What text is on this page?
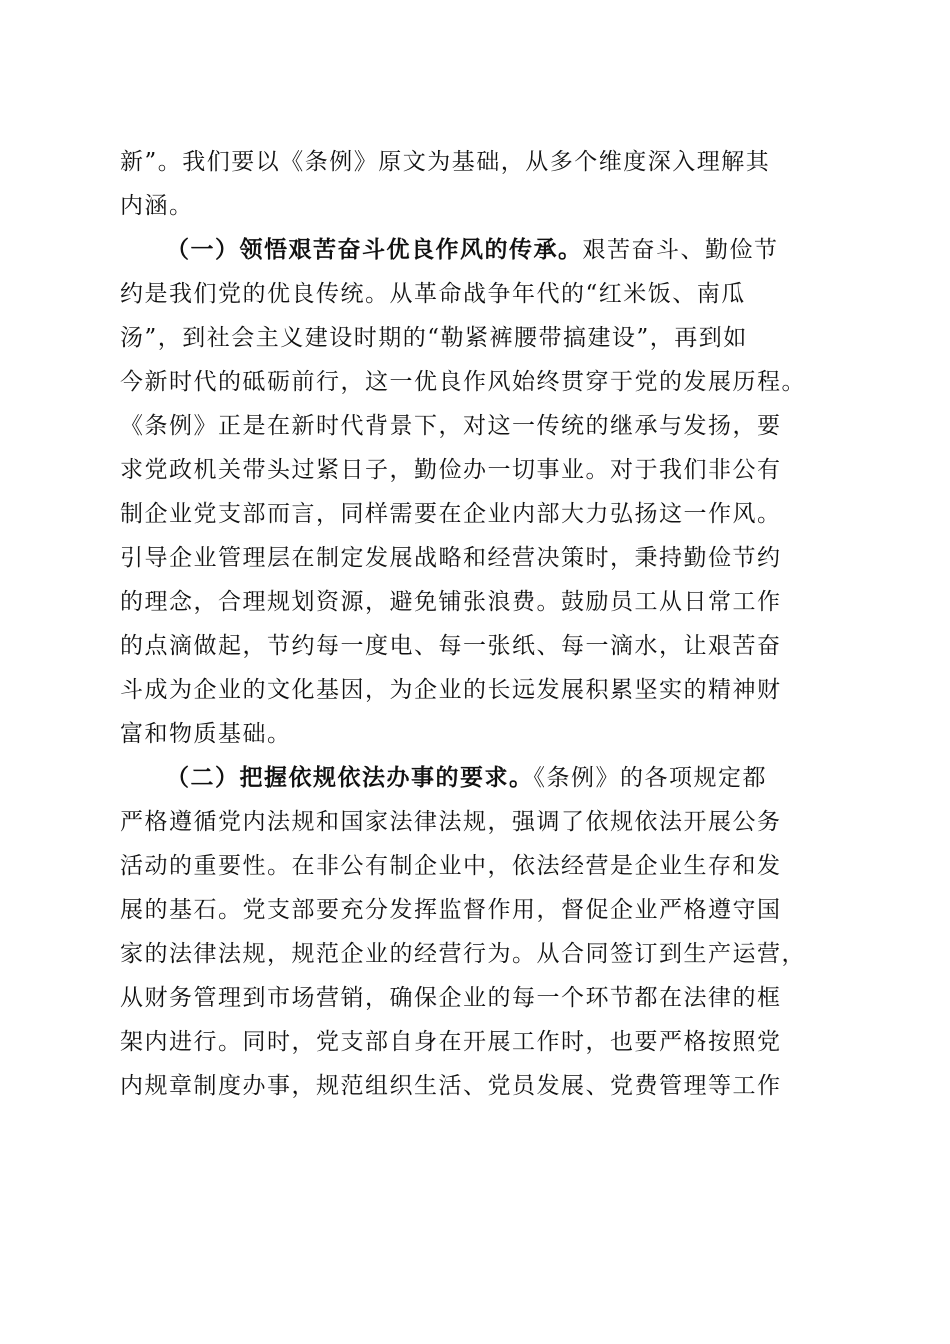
新”。我们要以《条例》原文为基础，从多个维度深入理解其
内涵。
（一）领悟艰苦奋斗优良作风的传承。艰苦奋斗、勤俭节
约是我们党的优良传统。从革命战争年代的“红米饭、南瓜
汤”，到社会主义建设时期的“勒紧裤腰带搞建设”，再到如
今新时代的砥砺前行，这一优良作风始终贯穿于党的发展历程。
《条例》正是在新时代背景下，对这一传统的继承与发扬，要
求党政机关带头过紧日子，勤俭办一切事业。对于我们非公有
制企业党支部而言，同样需要在企业内部大力弘扬这一作风。
引导企业管理层在制定发展战略和经营决策时，秉持勤俭节约
的理念，合理规划资源，避免铺张浪费。鼓励员工从日常工作
的点滴做起，节约每一度电、每一张纸、每一滴水，让艰苦奋
斗成为企业的文化基因，为企业的长远发展积累坚实的精神财
富和物质基础。
（二）把握依规依法办事的要求。《条例》的各项规定都
严格遵循党内法规和国家法律法规，强调了依规依法开展公务
活动的重要性。在非公有制企业中，依法经营是企业生存和发
展的基石。党支部要充分发挥监督作用，督促企业严格遵守国
家的法律法规，规范企业的经营行为。从合同签订到生产运营，
从财务管理到市场营销，确保企业的每一个环节都在法律的框
架内进行。同时，党支部自身在开展工作时，也要严格按照党
内规章制度办事，规范组织生活、党员发展、党费管理等工作
